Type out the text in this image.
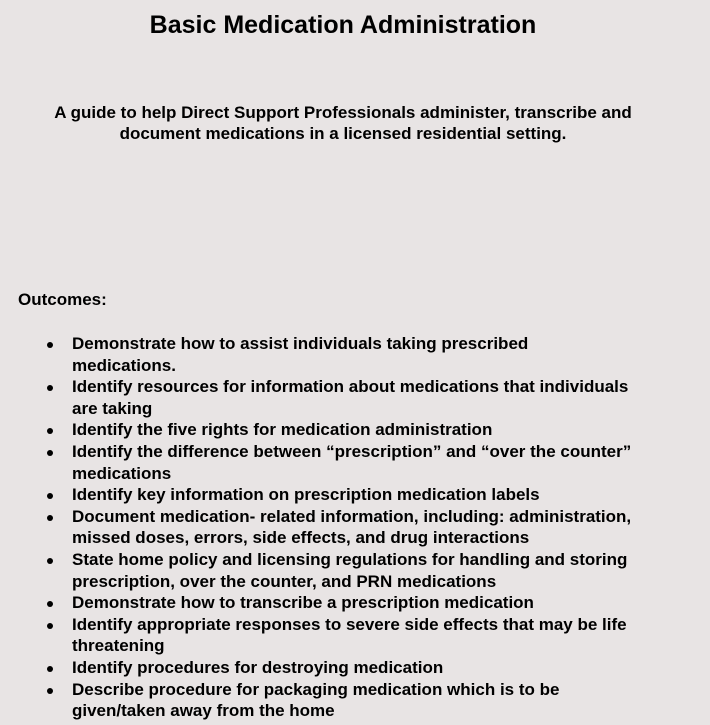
Basic Medication Administration

A guide to help Direct Support Professionals administer, transcribe and
document medications in a licensed residential setting.

Outcomes:

Demonstrate how to assist individuals taking prescribed
medications.
Identify resources for information about medications that individuals
are taking
Identify the five rights for medication administration
Identify the difference between “prescription” and “over the counter”
medications
Identify key information on prescription medication labels
Document medication- related information, including: administration,
missed doses, errors, side effects, and drug interactions
State home policy and licensing regulations for handling and storing
prescription, over the counter, and PRN medications
Demonstrate how to transcribe a prescription medication
Identify appropriate responses to severe side effects that may be life
threatening
Identify procedures for destroying medication
Describe procedure for packaging medication which is to be
given/taken away from the home
